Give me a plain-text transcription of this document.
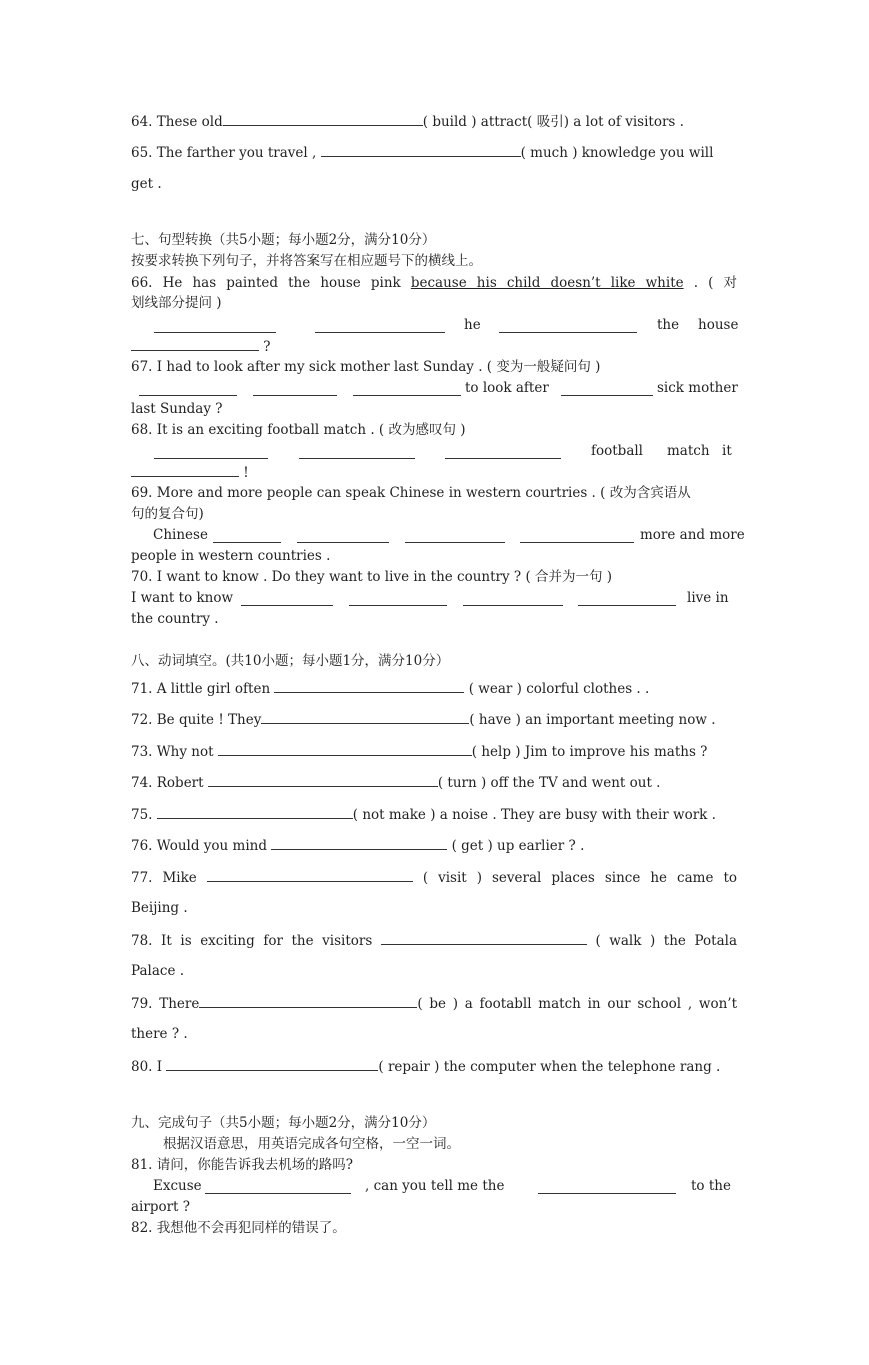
64. These old	( build ) attract( 吸引) a lot of visitors .
65. The farther you travel ,	( much ) knowledge you will
get .
七、句型转换（共5小题；每小题2分，满分10分）
按要求转换下列句子，并将答案写在相应题号下的横线上。
66. He has painted the house pink because his child doesn’t like white . ( 对
划线部分提问 )
he	the house
?
67. I had to look after my sick mother last Sunday . ( 变为一般疑问句 )
to look after	sick mother
last Sunday ?
68. It is an exciting football match . ( 改为感叹句 )
football match it
!
69. More and more people can speak Chinese in western courtries . ( 改为含宾语从
句的复合句)
Chinese	more and more
people in western countries .
70. I want to know . Do they want to live in the country ? ( 合并为一句 )
I want to know	live in
the country .
八、动词填空。(共10小题；每小题1分，满分10分）
71. A little girl often	( wear ) colorful clothes . .
72. Be quite ! They	( have ) an important meeting now .
73. Why not	( help ) Jim to improve his maths ?
74. Robert	( turn ) off the TV and went out .
75.	( not make ) a noise . They are busy with their work .
76. Would you mind	( get ) up earlier ? .
77. Mike	( visit ) several places since he came to
Beijing .
78. It is exciting for the visitors	( walk ) the Potala
Palace .
79. There	( be ) a footabll match in our school , won’t
there ? .
80. I	( repair ) the computer when the telephone rang .
九、完成句子（共5小题；每小题2分，满分10分）
根据汉语意思，用英语完成各句空格，一空一词。
81. 请问，你能告诉我去机场的路吗?
Excuse	, can you tell me the	to the
airport ?
82. 我想他不会再犯同样的错误了。
